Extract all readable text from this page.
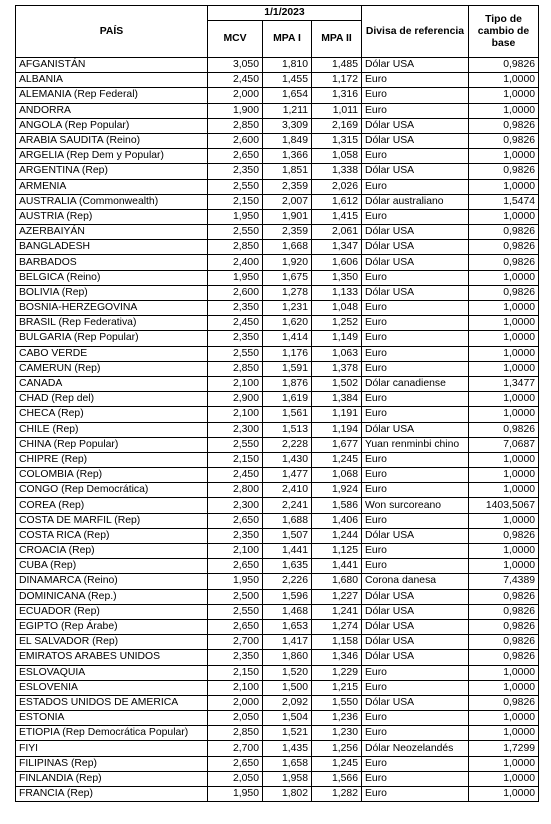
PAÍS	1/1/2023			Divisa de referencia	Tipo de cambio de base
	MCV	MPA I	MPA II		
AFGANISTÁN	3,050	1,810	1,485	Dólar USA	0,9826
ALBANIA	2,450	1,455	1,172	Euro	1,0000
ALEMANIA (Rep Federal)	2,000	1,654	1,316	Euro	1,0000
ANDORRA	1,900	1,211	1,011	Euro	1,0000
ANGOLA (Rep Popular)	2,850	3,309	2,169	Dólar USA	0,9826
ARABIA SAUDITA (Reino)	2,600	1,849	1,315	Dólar USA	0,9826
ARGELIA (Rep Dem y Popular)	2,650	1,366	1,058	Euro	1,0000
ARGENTINA (Rep)	2,350	1,851	1,338	Dólar USA	0,9826
ARMENIA	2,550	2,359	2,026	Euro	1,0000
AUSTRALIA (Commonwealth)	2,150	2,007	1,612	Dólar australiano	1,5474
AUSTRIA (Rep)	1,950	1,901	1,415	Euro	1,0000
AZERBAIYÁN	2,550	2,359	2,061	Dólar USA	0,9826
BANGLADESH	2,850	1,668	1,347	Dólar USA	0,9826
BARBADOS	2,400	1,920	1,606	Dólar USA	0,9826
BELGICA (Reino)	1,950	1,675	1,350	Euro	1,0000
BOLIVIA (Rep)	2,600	1,278	1,133	Dólar USA	0,9826
BOSNIA-HERZEGOVINA	2,350	1,231	1,048	Euro	1,0000
BRASIL (Rep Federativa)	2,450	1,620	1,252	Euro	1,0000
BULGARIA (Rep Popular)	2,350	1,414	1,149	Euro	1,0000
CABO VERDE	2,550	1,176	1,063	Euro	1,0000
CAMERUN (Rep)	2,850	1,591	1,378	Euro	1,0000
CANADA	2,100	1,876	1,502	Dólar canadiense	1,3477
CHAD (Rep del)	2,900	1,619	1,384	Euro	1,0000
CHECA (Rep)	2,100	1,561	1,191	Euro	1,0000
CHILE (Rep)	2,300	1,513	1,194	Dólar USA	0,9826
CHINA (Rep Popular)	2,550	2,228	1,677	Yuan renminbi chino	7,0687
CHIPRE (Rep)	2,150	1,430	1,245	Euro	1,0000
COLOMBIA (Rep)	2,450	1,477	1,068	Euro	1,0000
CONGO (Rep Democrática)	2,800	2,410	1,924	Euro	1,0000
COREA (Rep)	2,300	2,241	1,586	Won surcoreano	1403,5067
COSTA DE MARFIL (Rep)	2,650	1,688	1,406	Euro	1,0000
COSTA RICA (Rep)	2,350	1,507	1,244	Dólar USA	0,9826
CROACIA (Rep)	2,100	1,441	1,125	Euro	1,0000
CUBA (Rep)	2,650	1,635	1,441	Euro	1,0000
DINAMARCA (Reino)	1,950	2,226	1,680	Corona danesa	7,4389
DOMINICANA (Rep.)	2,500	1,596	1,227	Dólar USA	0,9826
ECUADOR (Rep)	2,550	1,468	1,241	Dólar USA	0,9826
EGIPTO (Rep Árabe)	2,650	1,653	1,274	Dólar USA	0,9826
EL SALVADOR (Rep)	2,700	1,417	1,158	Dólar USA	0,9826
EMIRATOS ARABES UNIDOS	2,350	1,860	1,346	Dólar USA	0,9826
ESLOVAQUIA	2,150	1,520	1,229	Euro	1,0000
ESLOVENIA	2,100	1,500	1,215	Euro	1,0000
ESTADOS UNIDOS DE AMERICA	2,000	2,092	1,550	Dólar USA	0,9826
ESTONIA	2,050	1,504	1,236	Euro	1,0000
ETIOPIA (Rep Democrática Popular)	2,850	1,521	1,230	Euro	1,0000
FIYI	2,700	1,435	1,256	Dólar Neozelandés	1,7299
FILIPINAS (Rep)	2,650	1,658	1,245	Euro	1,0000
FINLANDIA (Rep)	2,050	1,958	1,566	Euro	1,0000
FRANCIA (Rep)	1,950	1,802	1,282	Euro	1,0000
